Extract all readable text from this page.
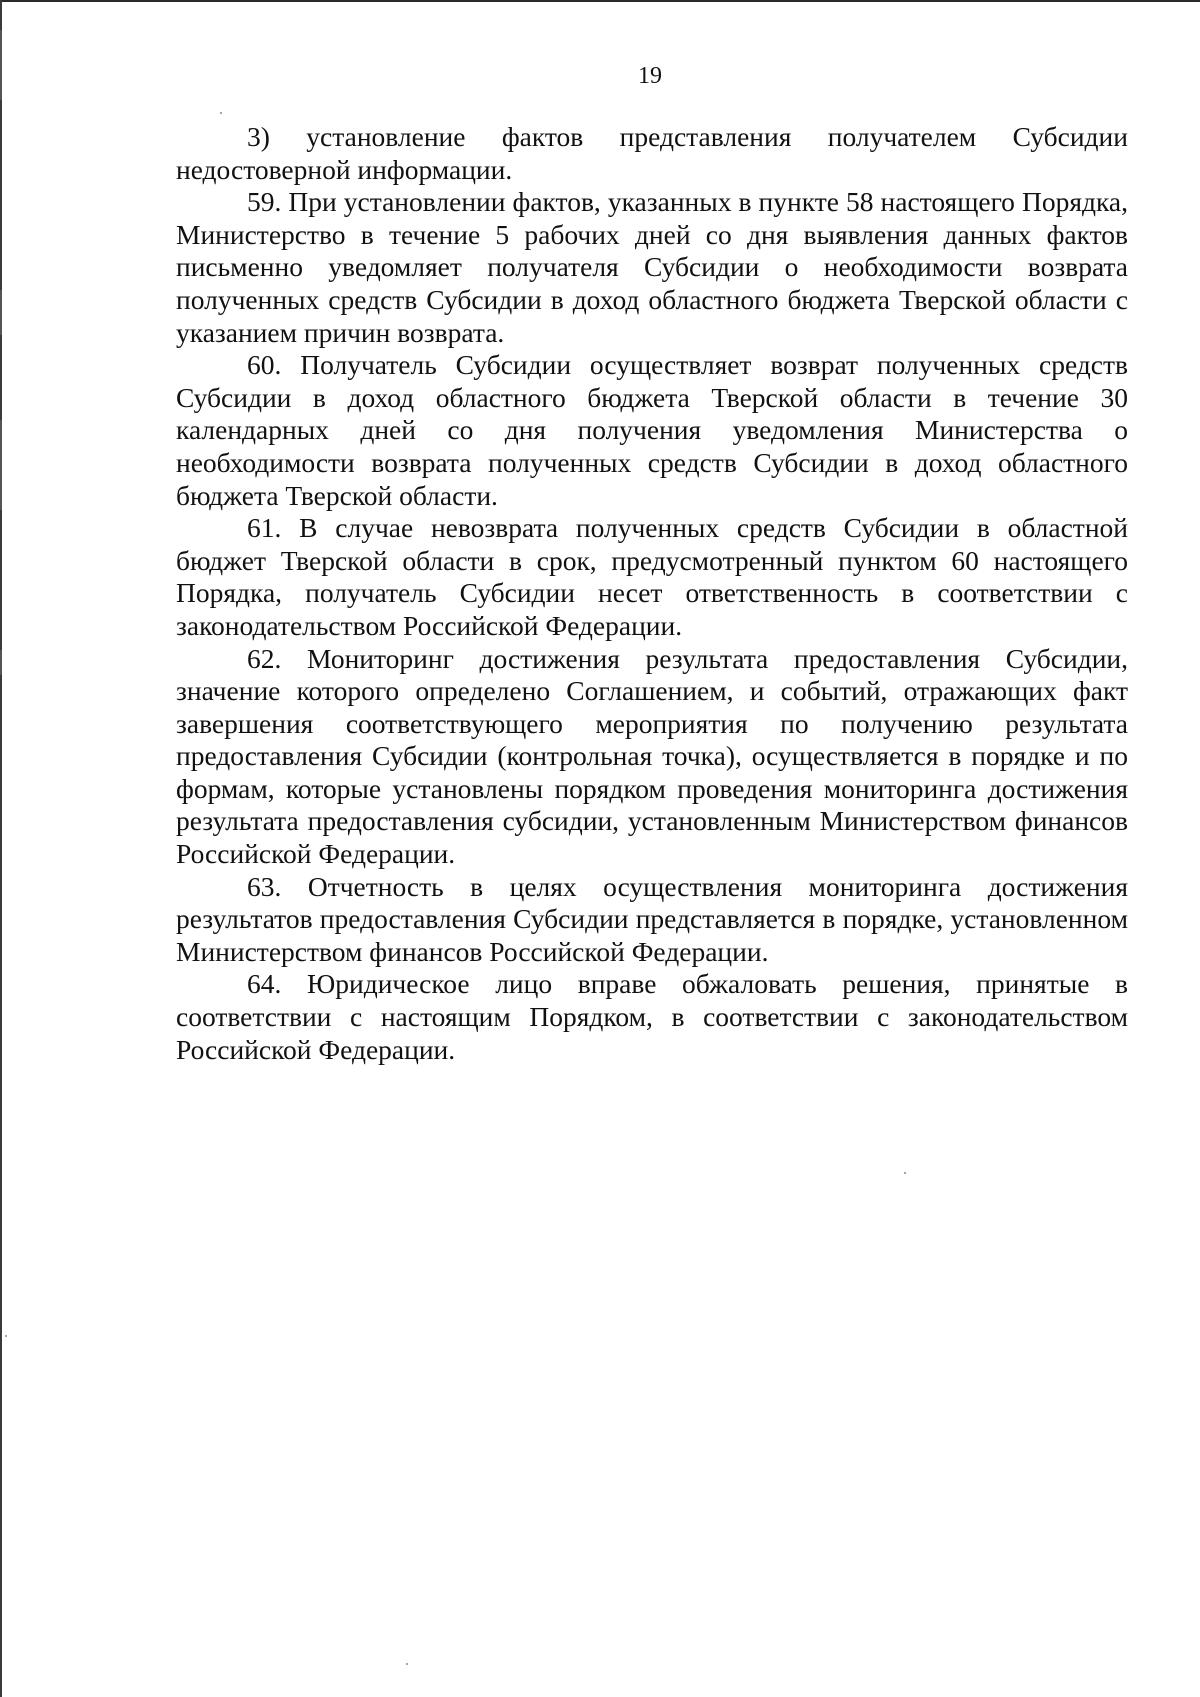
19

3) установление фактов представления получателем Субсидии недостоверной информации.

59. При установлении фактов, указанных в пункте 58 настоящего Порядка, Министерство в течение 5 рабочих дней со дня выявления данных фактов письменно уведомляет получателя Субсидии о необходимости возврата полученных средств Субсидии в доход областного бюджета Тверской области с указанием причин возврата.

60. Получатель Субсидии осуществляет возврат полученных средств Субсидии в доход областного бюджета Тверской области в течение 30 календарных дней со дня получения уведомления Министерства о необходимости возврата полученных средств Субсидии в доход областного бюджета Тверской области.

61. В случае невозврата полученных средств Субсидии в областной бюджет Тверской области в срок, предусмотренный пунктом 60 настоящего Порядка, получатель Субсидии несет ответственность в соответствии с законодательством Российской Федерации.

62. Мониторинг достижения результата предоставления Субсидии, значение которого определено Соглашением, и событий, отражающих факт завершения соответствующего мероприятия по получению результата предоставления Субсидии (контрольная точка), осуществляется в порядке и по формам, которые установлены порядком проведения мониторинга достижения результата предоставления субсидии, установленным Министерством финансов Российской Федерации.

63. Отчетность в целях осуществления мониторинга достижения результатов предоставления Субсидии представляется в порядке, установленном Министерством финансов Российской Федерации.

64. Юридическое лицо вправе обжаловать решения, принятые в соответствии с настоящим Порядком, в соответствии с законодательством Российской Федерации.
